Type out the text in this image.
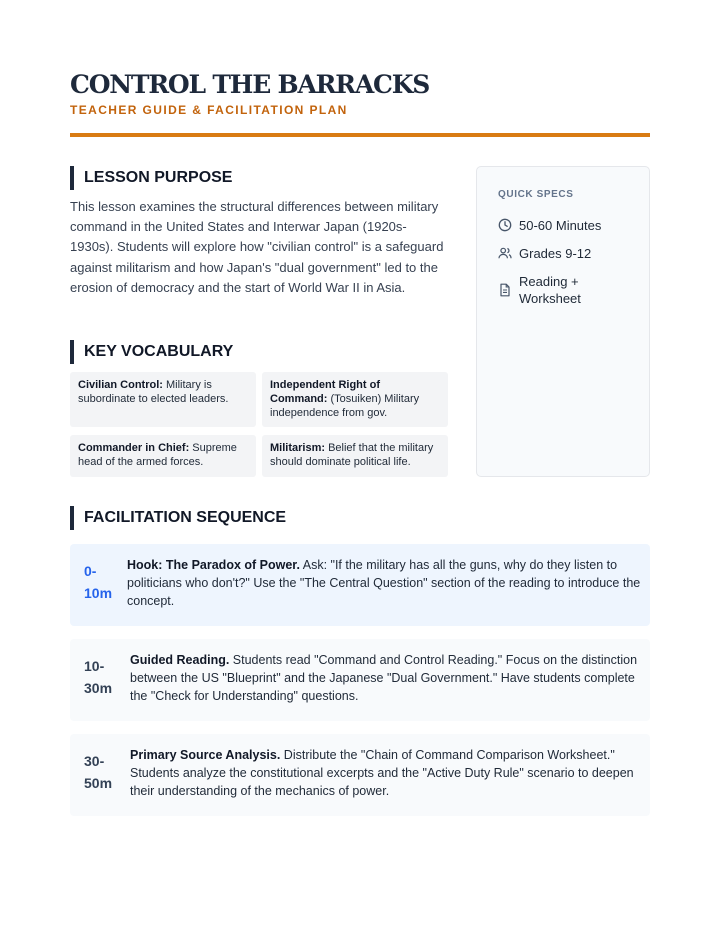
CONTROL THE BARRACKS
TEACHER GUIDE & FACILITATION PLAN
LESSON PURPOSE
This lesson examines the structural differences between military command in the United States and Interwar Japan (1920s-1930s). Students will explore how "civilian control" is a safeguard against militarism and how Japan's "dual government" led to the erosion of democracy and the start of World War II in Asia.
KEY VOCABULARY
Civilian Control: Military is subordinate to elected leaders.
Independent Right of Command: (Tosuiken) Military independence from gov.
Commander in Chief: Supreme head of the armed forces.
Militarism: Belief that the military should dominate political life.
QUICK SPECS
50-60 Minutes
Grades 9-12
Reading + Worksheet
FACILITATION SEQUENCE
0-10m
Hook: The Paradox of Power. Ask: "If the military has all the guns, why do they listen to politicians who don't?" Use the "The Central Question" section of the reading to introduce the concept.
10-30m
Guided Reading. Students read "Command and Control Reading." Focus on the distinction between the US "Blueprint" and the Japanese "Dual Government." Have students complete the "Check for Understanding" questions.
30-50m
Primary Source Analysis. Distribute the "Chain of Command Comparison Worksheet." Students analyze the constitutional excerpts and the "Active Duty Rule" scenario to deepen their understanding of the mechanics of power.
